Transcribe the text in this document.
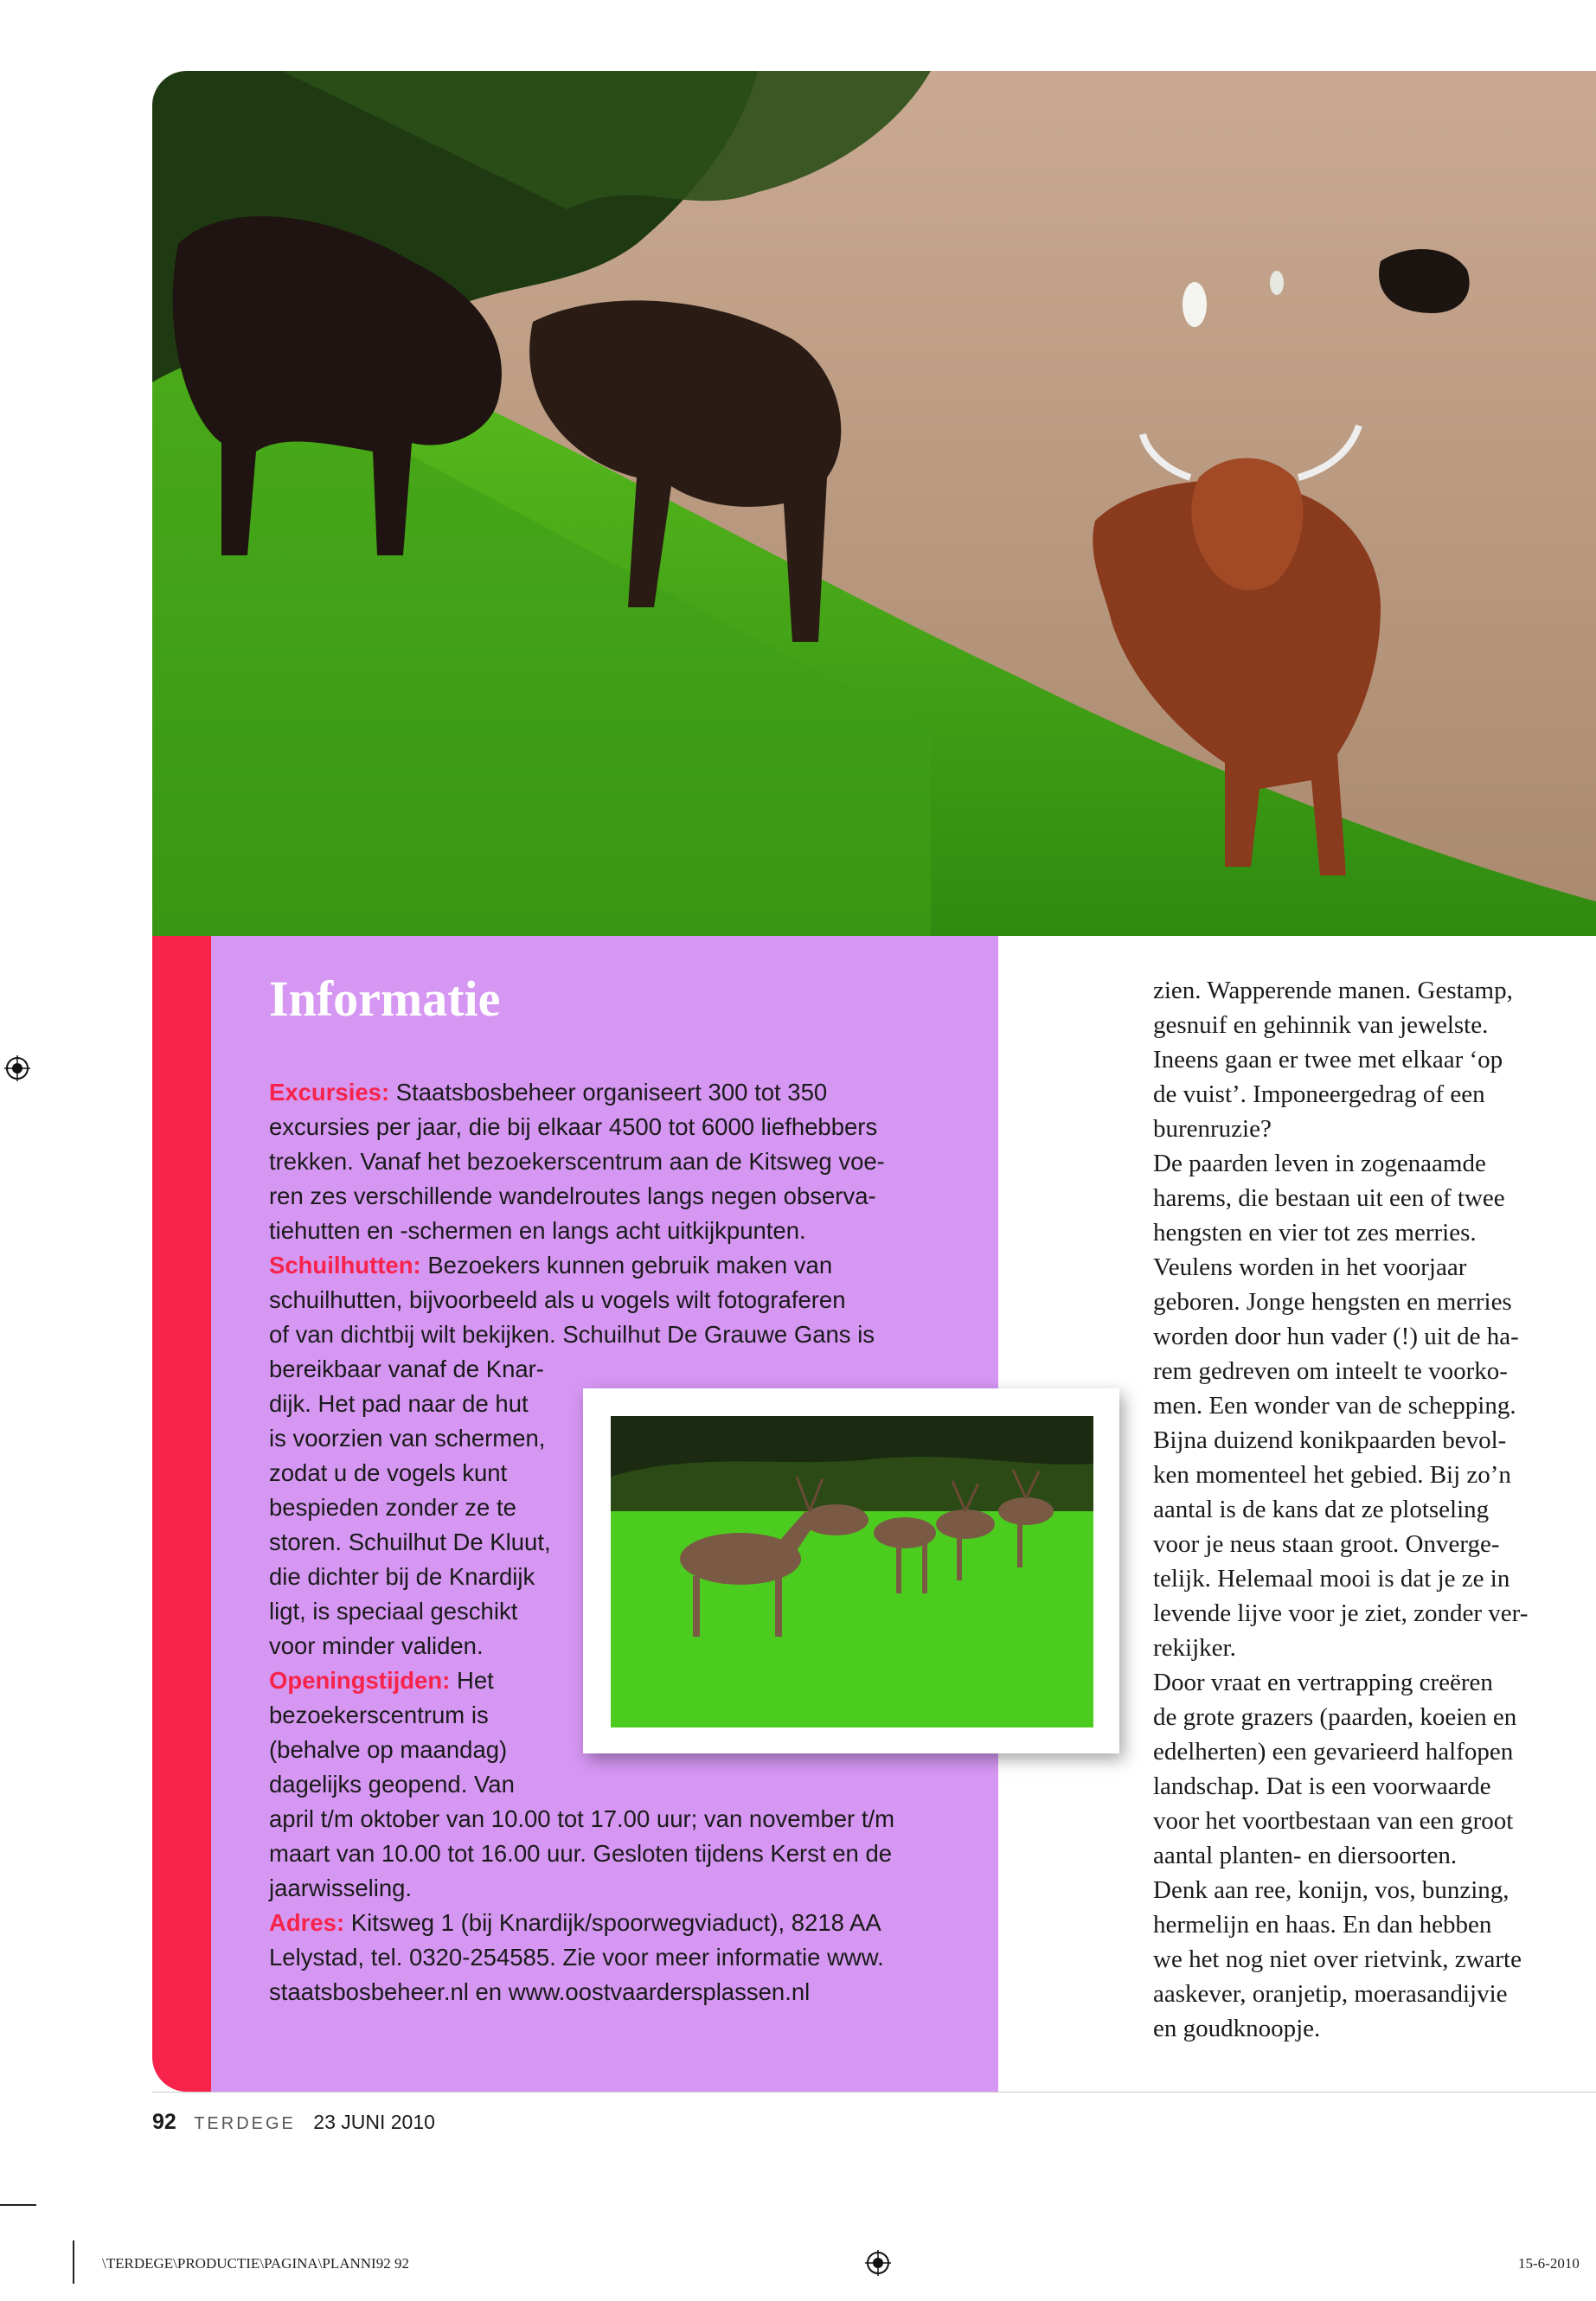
Informatie
Excursies: Staatsbosbeheer organiseert 300 tot 350
excursies per jaar, die bij elkaar 4500 tot 6000 liefhebbers
trekken. Vanaf het bezoekerscentrum aan de Kitsweg voe-
ren zes verschillende wandelroutes langs negen observa-
tiehutten en -schermen en langs acht uitkijkpunten.
Schuilhutten: Bezoekers kunnen gebruik maken van
schuilhutten, bijvoorbeeld als u vogels wilt fotograferen
of van dichtbij wilt bekijken. Schuilhut De Grauwe Gans is
bereikbaar vanaf de Knar-
dijk. Het pad naar de hut
is voorzien van schermen,
zodat u de vogels kunt
bespieden zonder ze te
storen. Schuilhut De Kluut,
die dichter bij de Knardijk
ligt, is speciaal geschikt
voor minder validen.
Openingstijden: Het
bezoekerscentrum is
(behalve op maandag)
dagelijks geopend. Van
april t/m oktober van 10.00 tot 17.00 uur; van november t/m
maart van 10.00 tot 16.00 uur. Gesloten tijdens Kerst en de
jaarwisseling.
Adres: Kitsweg 1 (bij Knardijk/spoorwegviaduct), 8218 AA
Lelystad, tel. 0320-254585. Zie voor meer informatie www.
staatsbosbeheer.nl en www.oostvaardersplassen.nl
zien. Wapperende manen. Gestamp,
gesnuif en gehinnik van jewelste.
Ineens gaan er twee met elkaar ‘op
de vuist’. Imponeergedrag of een
burenruzie?
De paarden leven in zogenaamde
harems, die bestaan uit een of twee
hengsten en vier tot zes merries.
Veulens worden in het voorjaar
geboren. Jonge hengsten en merries
worden door hun vader (!) uit de ha-
rem gedreven om inteelt te voorko-
men. Een wonder van de schepping.
Bijna duizend konikpaarden bevol-
ken momenteel het gebied. Bij zo’n
aantal is de kans dat ze plotseling
voor je neus staan groot. Onverge-
telijk. Helemaal mooi is dat je ze in
levende lijve voor je ziet, zonder ver-
rekijker.
Door vraat en vertrapping creëren
de grote grazers (paarden, koeien en
edelherten) een gevarieerd halfopen
landschap. Dat is een voorwaarde
voor het voortbestaan van een groot
aantal planten- en diersoorten.
Denk aan ree, konijn, vos, bunzing,
hermelijn en haas. En dan hebben
we het nog niet over rietvink, zwarte
aaskever, oranjetip, moerasandijvie
en goudknoopje.
92 TERDEGE 23 JUNI 2010
\TERDEGE\PRODUCTIE\PAGINA\PLANNI92 92	15-6-2010
